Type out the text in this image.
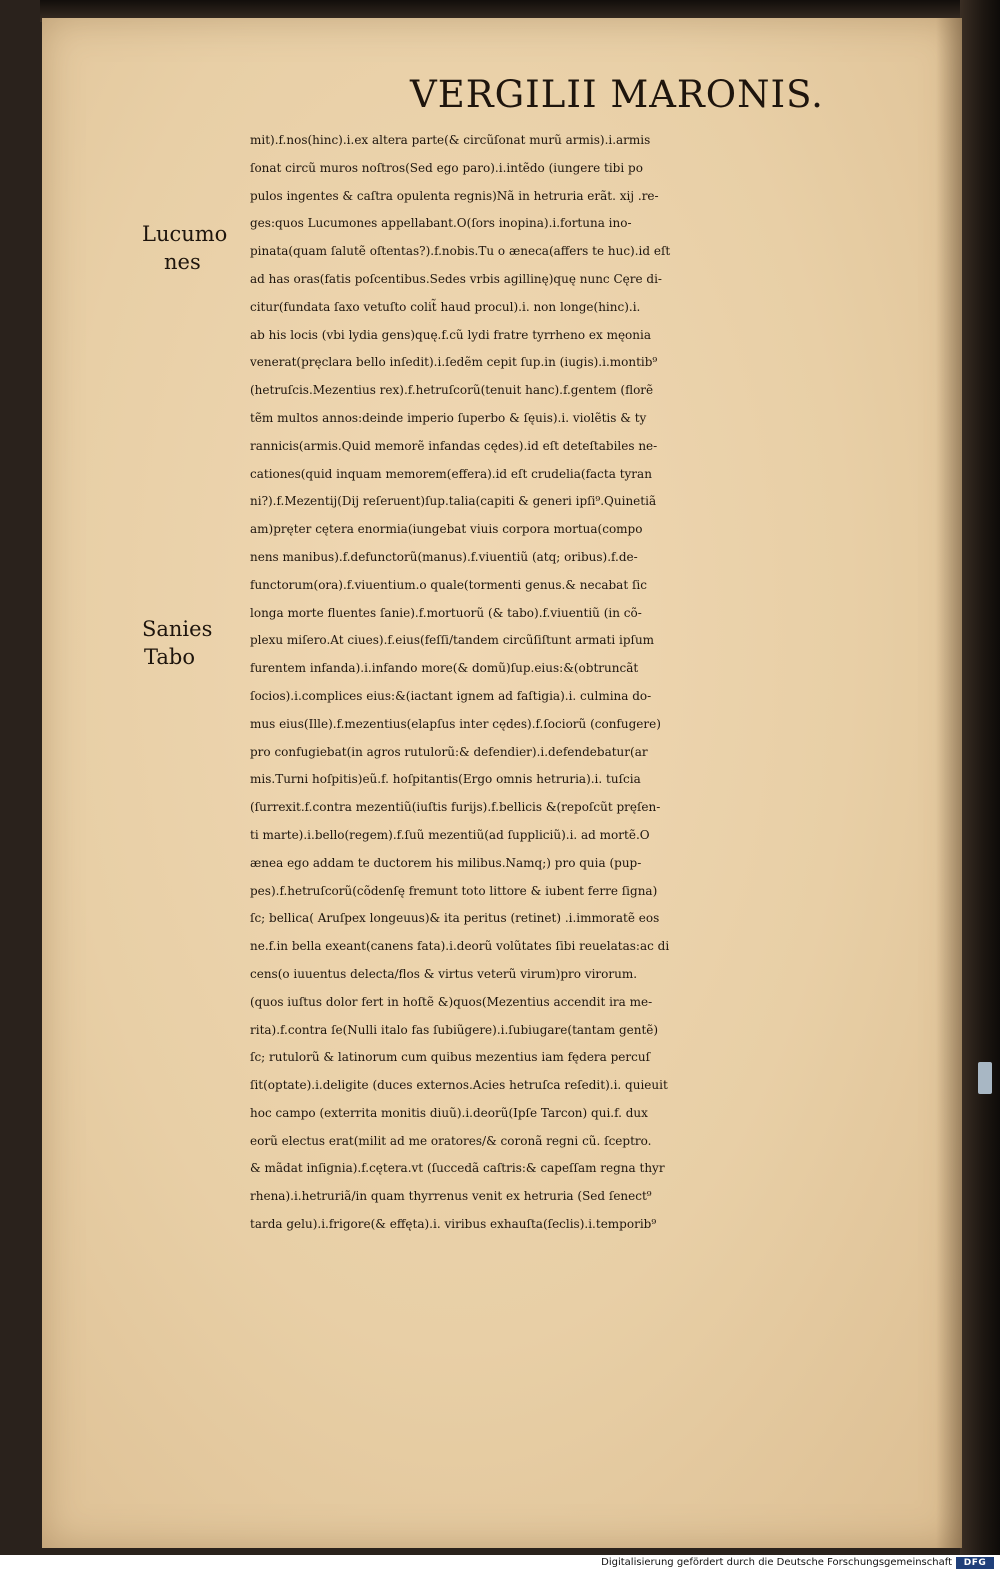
VERGILII MARONIS.
Lucumo
nes
Sanies
Tabo
mit).f.nos(hinc).i.ex altera parte(& circũſonat murũ armis).i.armis
ſonat circũ muros noſtros(Sed ego paro).i.intẽdo (iungere tibi po
pulos ingentes & caſtra opulenta regnis)Nã in hetruria erãt. xij .re-
ges:quos Lucumones appellabant.O(ſors inopina).i.fortuna ino-
pinata(quam ſalutẽ oſtentas?).f.nobis.Tu o æneca(affers te huc).id eſt
ad has oras(fatis poſcentibus.Sedes vrbis agillinę)quę nunc Cęre di-
citur(fundata ſaxo vetuſto colit̃ haud procul).i. non longe(hinc).i.
ab his locis (vbi lydia gens)quę.f.cũ lydi fratre tyrrheno ex męonia
venerat(pręclara bello inſedit).i.ſedẽm cepit ſup.in (iugis).i.montib⁹
(hetruſcis.Mezentius rex).f.hetruſcorũ(tenuit hanc).f.gentem (florẽ
tẽm multos annos:deinde imperio ſuperbo & ſęuis).i. violẽtis & ty
rannicis(armis.Quid memorẽ infandas cędes).id eſt deteſtabiles ne-
cationes(quid inquam memorem(effera).id eſt crudelia(facta tyran
ni?).f.Mezentij(Dij reſeruent)ſup.talia(capiti & generi ipſi⁹.Quinetiã
am)pręter cętera enormia(iungebat viuis corpora mortua(compo
nens manibus).f.defunctorũ(manus).f.viuentiũ (atq; oribus).f.de-
functorum(ora).f.viuentium.o quale(tormenti genus.& necabat ſic
longa morte fluentes ſanie).f.mortuorũ (& tabo).f.viuentiũ (in cõ-
plexu miſero.At ciues).f.eius(feſſi/tandem circũſiſtunt armati ipſum
furentem infanda).i.infando more(& domũ)ſup.eius:&(obtruncãt
ſocios).i.complices eius:&(iactant ignem ad faſtigia).i. culmina do-
mus eius(Ille).f.mezentius(elapſus inter cędes).f.ſociorũ (confugere)
pro confugiebat(in agros rutulorũ:& defendier).i.defendebatur(ar
mis.Turni hoſpitis)eũ.f. hoſpitantis(Ergo omnis hetruria).i. tuſcia
(ſurrexit.f.contra mezentiũ(iuſtis furijs).f.bellicis &(repoſcũt pręſen-
ti marte).i.bello(regem).f.ſuũ mezentiũ(ad ſuppliciũ).i. ad mortẽ.O
ænea ego addam te ductorem his milibus.Namq;) pro quia (pup-
pes).f.hetruſcorũ(cõdenſę fremunt toto littore & iubent ferre ſigna)
ſc; bellica( Aruſpex longeuus)& ita peritus (retinet) .i.immoratẽ eos
ne.f.in bella exeant(canens fata).i.deorũ volũtates ſibi reuelatas:ac di
cens(o iuuentus delecta/flos & virtus veterũ virum)pro virorum.
(quos iuſtus dolor fert in hoſtẽ &)quos(Mezentius accendit ira me-
rita).f.contra ſe(Nulli italo fas ſubiũgere).i.ſubiugare(tantam gentẽ)
ſc; rutulorũ & latinorum cum quibus mezentius iam fędera percuſ
ſit(optate).i.deligite (duces externos.Acies hetruſca reſedit).i. quieuit
hoc campo (exterrita monitis diuũ).i.deorũ(Ipſe Tarcon) qui.f. dux
eorũ electus erat(milit ad me oratores/& coronã regni cũ. ſceptro.
& mãdat inſignia).f.cętera.vt (ſuccedã caſtris:& capeſſam regna thyr
rhena).i.hetruriã/in quam thyrrenus venit ex hetruria (Sed ſenect⁹
tarda gelu).i.frigore(& effęta).i. viribus exhauſta(ſeclis).i.temporib⁹
Digitalisierung gefördert durch die Deutsche Forschungsgemeinschaft	DFG
